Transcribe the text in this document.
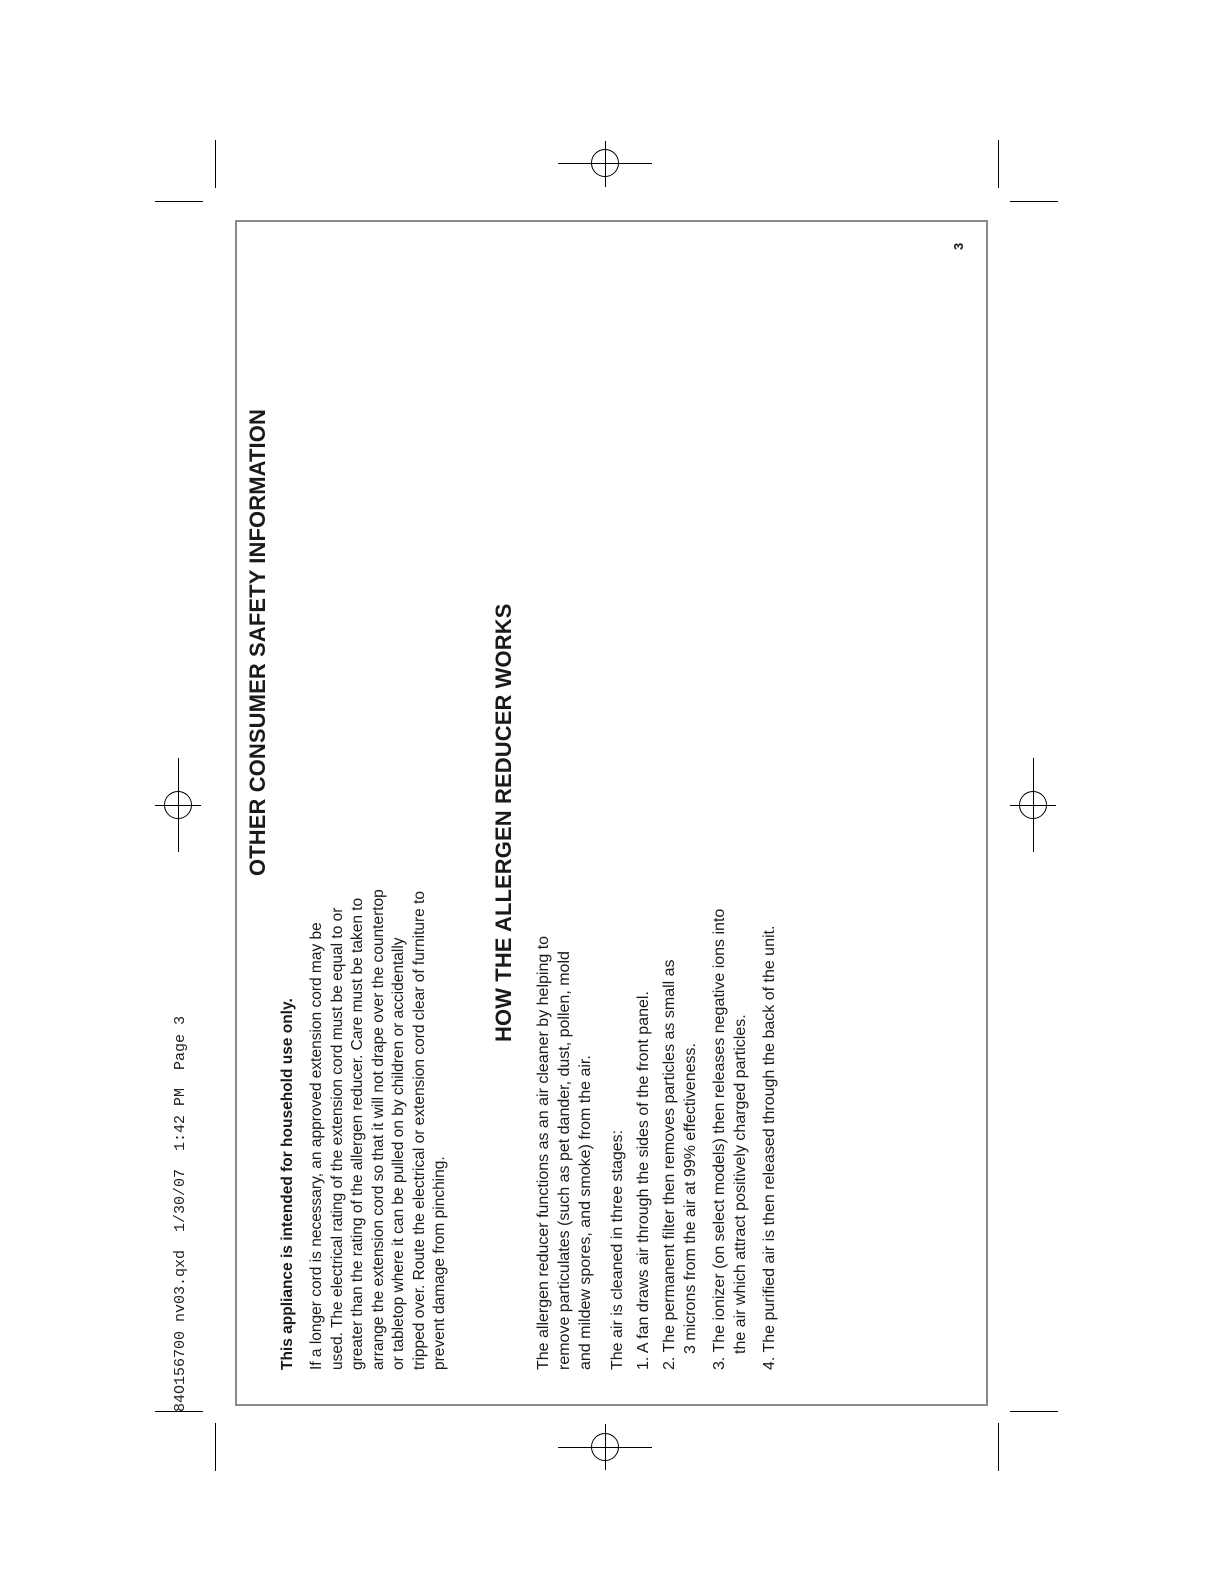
84O156700 nv03.qxd  1/30/07  1:42 PM  Page 3
OTHER CONSUMER SAFETY INFORMATION
This appliance is intended for household use only. If a longer cord is necessary, an approved extension cord may be used. The electrical rating of the extension cord must be equal to or greater than the rating of the allergen reducer. Care must be taken to arrange the extension cord so that it will not drape over the countertop or tabletop where it can be pulled on by children or accidentally tripped over. Route the electrical or extension cord clear of furniture to prevent damage from pinching.
HOW THE ALLERGEN REDUCER WORKS
The allergen reducer functions as an air cleaner by helping to remove particulates (such as pet dander, dust, pollen, mold and mildew spores, and smoke) from the air. The air is cleaned in three stages: 1. A fan draws air through the sides of the front panel. 2. The permanent filter then removes particles as small as 3 microns from the air at 99% effectiveness. 3. The ionizer (on select models) then releases negative ions into the air which attract positively charged particles. 4. The purified air is then released through the back of the unit.
3
